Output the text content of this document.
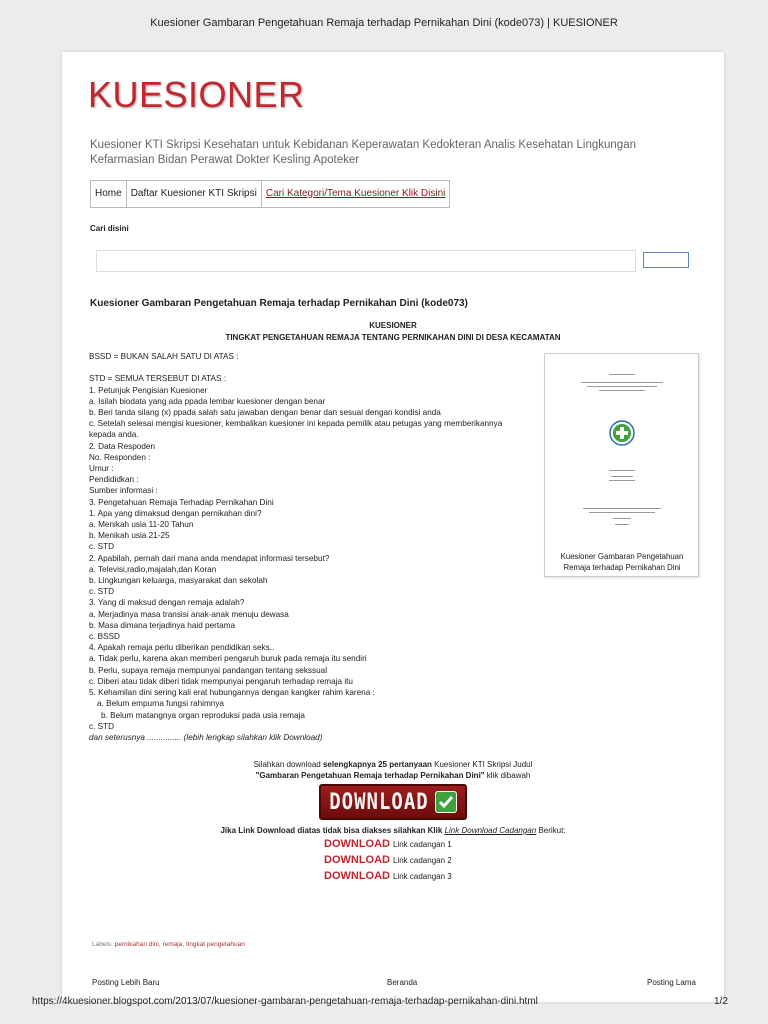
Kuesioner Gambaran Pengetahuan Remaja terhadap Pernikahan Dini (kode073) | KUESIONER
KUESIONER
Kuesioner KTI Skripsi Kesehatan untuk Kebidanan Keperawatan Kedokteran Analis Kesehatan Lingkungan Kefarmasian Bidan Perawat Dokter Kesling Apoteker
Home Daftar Kuesioner KTI Skripsi Cari Kategori/Tema Kuesioner Klik Disini
Cari disini
Kuesioner Gambaran Pengetahuan Remaja terhadap Pernikahan Dini (kode073)
KUESIONER
TINGKAT PENGETAHUAN REMAJA TENTANG PERNIKAHAN DINI DI DESA KECAMATAN
BSSD = BUKAN SALAH SATU DI ATAS :

STD = SEMUA TERSEBUT DI ATAS :
1. Petunjuk Pengisian Kuesioner
a. Isilah biodata yang ada ppada lembar kuesioner dengan benar
b. Beri tanda silang (x) ppada salah satu jawaban dengan benar dan sesuai dengan kondisi anda
c. Setelah selesai mengisi kuesioner, kembalikan kuesioner ini kepada pemilik atau petugas yang memberikannya
kepada anda.
2. Data Respoden
No. Responden :
Umur :
Pendididkan :
Sumber informasi :
3. Pengetahuan Remaja Terhadap Pernikahan Dini
1. Apa yang dimaksud dengan pernikahan dini?
a. Menikah usia 11-20 Tahun
b. Menikah usia 21-25
c. STD
2. Apabilah, pernah dari mana anda mendapat informasi tersebut?
a. Televisi,radio,majalah,dan Koran
b. Lingkungan keluarga, masyarakat dan sekolah
c. STD
3. Yang di maksud dengan remaja adalah?
a. Merjadinya masa transisi anak-anak menuju dewasa
b. Masa dimana terjadinya haid pertama
c. BSSD
4. Apakah remaja perlu diberikan pendidikan seks..
a. Tidak perlu, karena akan memberi pengaruh buruk pada remaja itu sendiri
b. Perlu, supaya remaja mempunyai pandangan tentang sekssual
c. Diberi atau tidak diberi tidak mempunyai pengaruh terhadap remaja itu
5. Kehamilan dini sering kali erat hubungannya dengan kangker rahim karena :
a. Belum empurna fungsi rahimnya
b. Belum matangnya organ reproduksi pada usia remaja
c. STD
dan seterusnya ............... (lebih lengkap silahkan klik Download)
Kuesioner Gambaran Pengetahuan Remaja terhadap Pernikahan Dini
Silahkan download selengkapnya 25 pertanyaan Kuesioner KTI Skripsi Judul
"Gambaran Pengetahuan Remaja terhadap Pernikahan Dini" klik dibawah
DOWNLOAD
Jika Link Download diatas tidak bisa diakses silahkan Klik Link Download Cadangan Berikut:
DOWNLOAD Link cadangan 1
DOWNLOAD Link cadangan 2
DOWNLOAD Link cadangan 3
Labels: pernikahan dini, remaja, tingkat pengetahuan
Posting Lebih Baru	Beranda	Posting Lama
https://4kuesioner.blogspot.com/2013/07/kuesioner-gambaran-pengetahuan-remaja-terhadap-pernikahan-dini.html	1/2
